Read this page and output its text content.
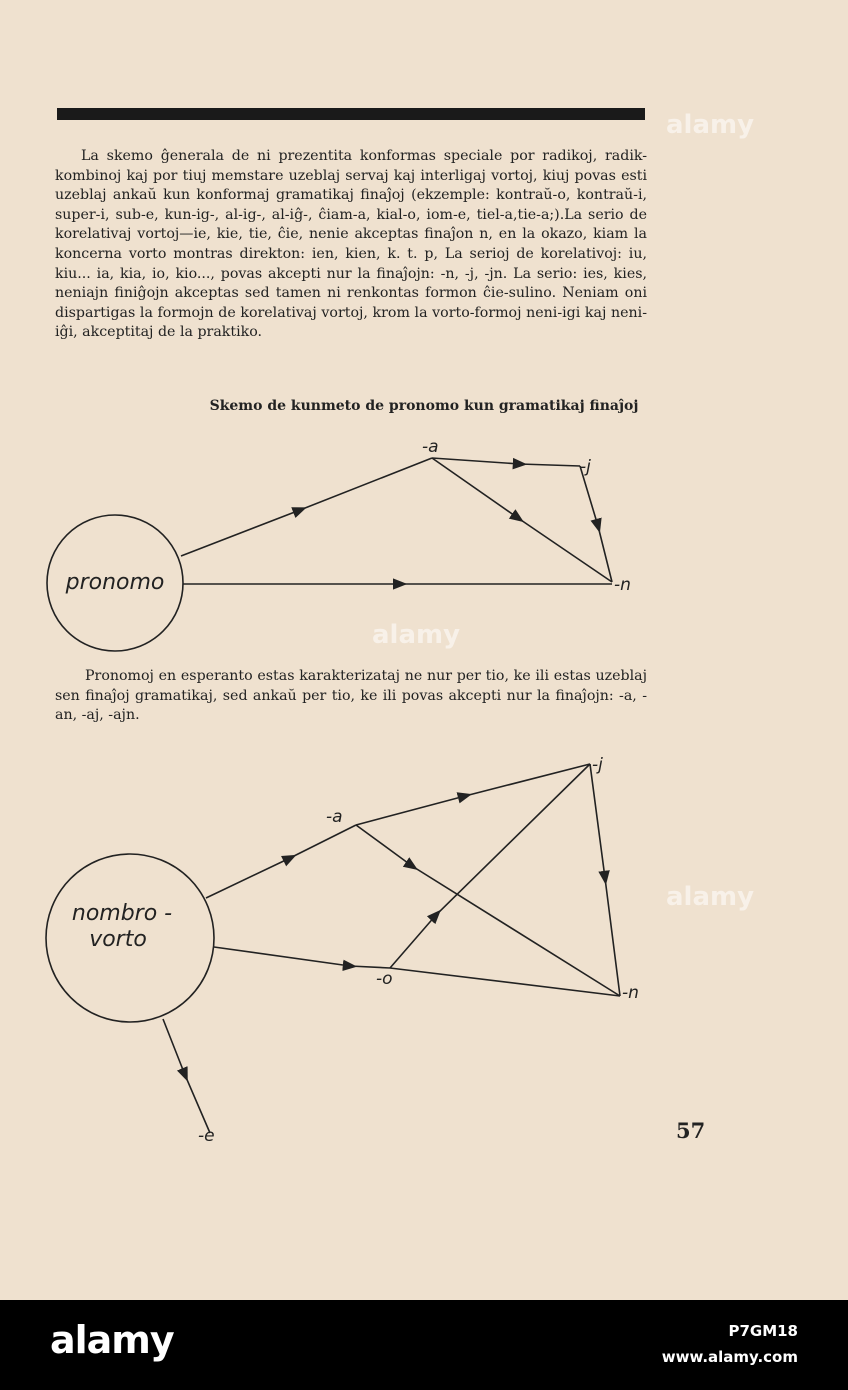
La skemo ĝenerala de ni prezentita konformas speciale por radikoj, radik-kombinoj kaj por tiuj memstare uzeblaj servaj kaj interligaj vortoj, kiuj povas esti uzeblaj ankaŭ kun konformaj gramatikaj finaĵoj (ekzemple: kontraŭ-o, kontraŭ-i, super-i, sub-e, kun-ig-, al-ig-, al-iĝ-, ĉiam-a, kial-o, iom-e, tiel-a,tie-a;).La serio de korelativaj vortoj—ie, kie, tie, ĉie, nenie akceptas finaĵon n, en la okazo, kiam la koncerna vorto montras direkton: ien, kien, k. t. p, La serioj de korelativoj: iu, kiu... ia, kia, io, kio..., povas akcepti nur la finaĵojn: -n, -j, -jn. La serio: ies, kies, neniajn finiĝojn akceptas sed tamen ni renkontas formon ĉie-sulino. Neniam oni dispartigas la formojn de korelativaj vortoj, krom la vorto-formoj neni-igi kaj neni-iĝi, akceptitaj de la praktiko.

Skemo de kunmeto de pronomo kun gramatikaj finaĵoj
pronomo
-a
-j
-n
nombro -
vorto
-a
-j
-o
-n
-e

Pronomoj en esperanto estas karakterizataj ne nur per tio, ke ili estas uzeblaj sen finaĵoj gramatikaj, sed ankaŭ per tio, ke ili povas akcepti nur la finaĵojn: -a, -an, -aj, -ajn.

57
alamy
alamy
alamy
alamy	P7GM18
www.alamy.com
